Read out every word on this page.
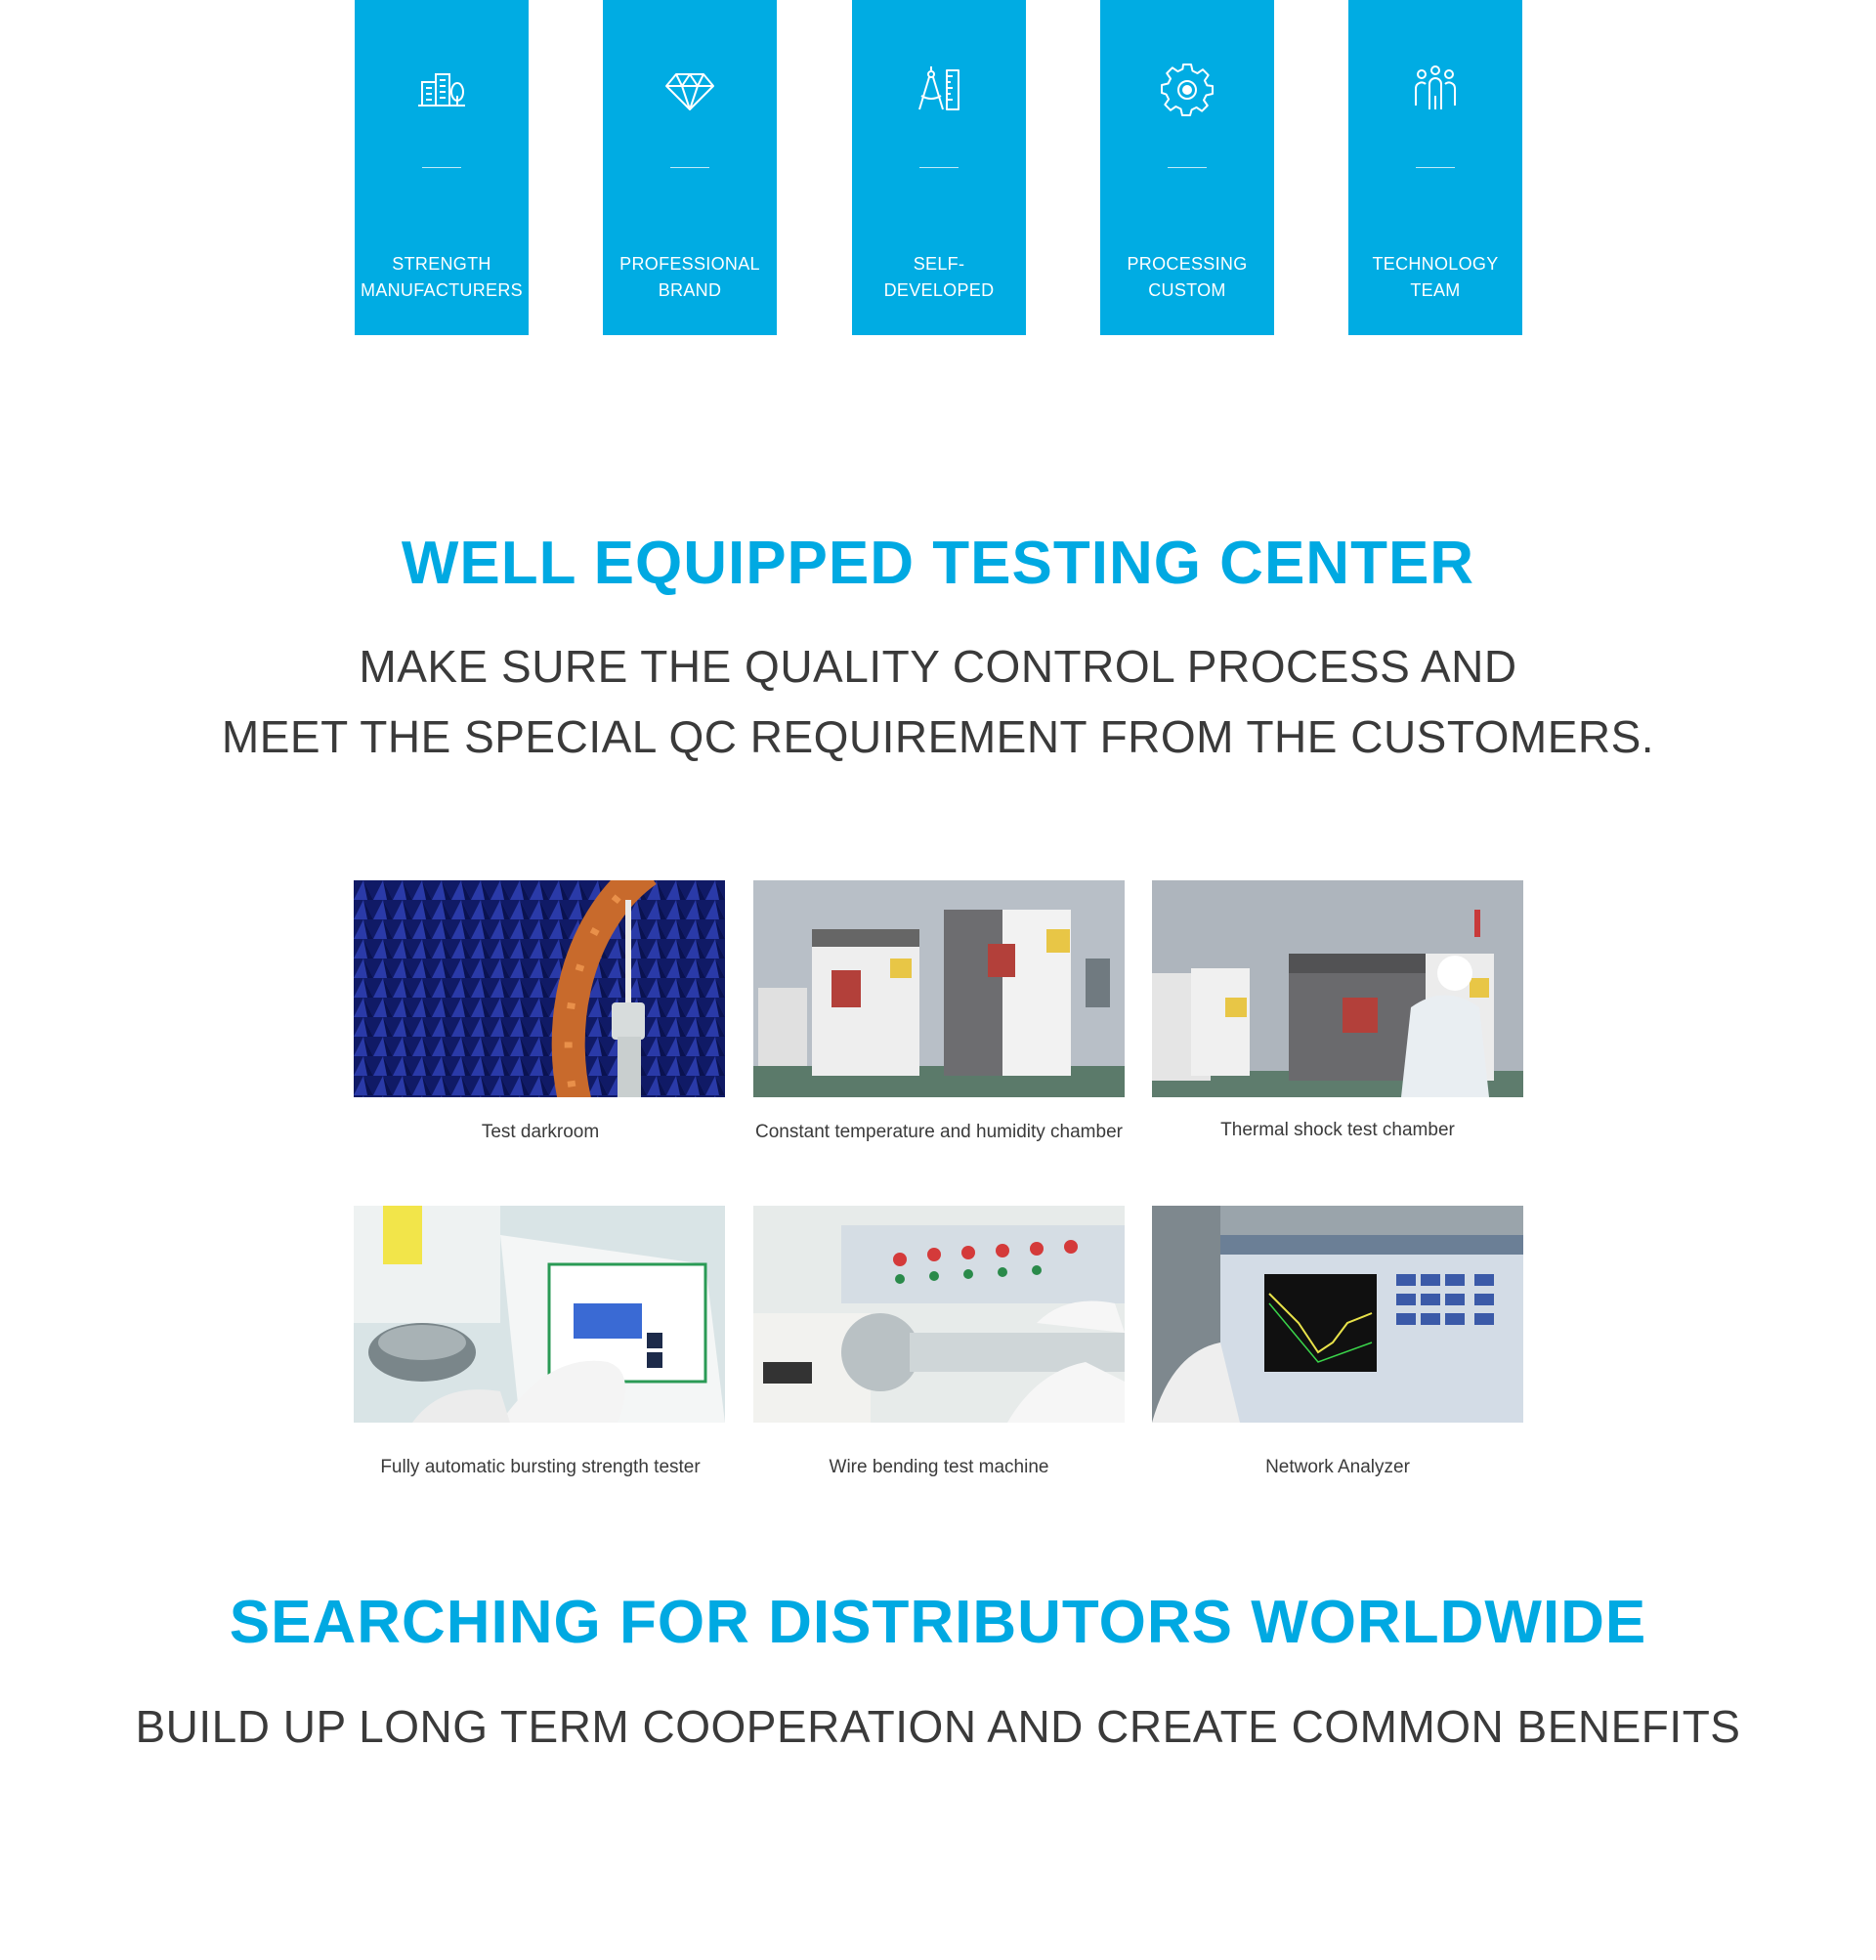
STRENGTH
MANUFACTURERS
PROFESSIONAL
BRAND
SELF-
DEVELOPED
PROCESSING
CUSTOM
TECHNOLOGY
TEAM
WELL EQUIPPED TESTING CENTER

MAKE SURE THE QUALITY CONTROL PROCESS AND

MEET THE SPECIAL QC REQUIREMENT FROM THE CUSTOMERS.

Test darkroom	Constant temperature and humidity chamber	Thermal shock test chamber
Fully automatic bursting strength tester	Wire bending test machine	Network Analyzer
SEARCHING FOR DISTRIBUTORS WORLDWIDE

BUILD UP LONG TERM COOPERATION AND CREATE COMMON BENEFITS
